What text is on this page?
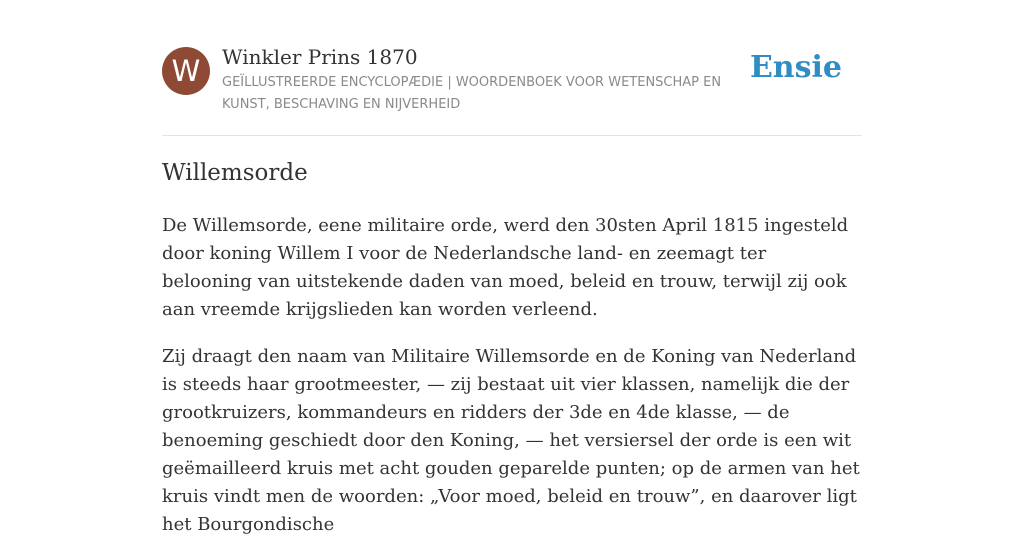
W	Winkler Prins 1870
GEÏLLUSTREERDE ENCYCLOPÆDIE | WOORDENBOEK VOOR WETENSCHAP EN KUNST, BESCHAVING EN NIJVERHEID
Ensie
Willemsorde

De Willemsorde, eene militaire orde, werd den 30sten April 1815 ingesteld door koning Willem I voor de Nederlandsche land- en zeemagt ter belooning van uitstekende daden van moed, beleid en trouw, terwijl zij ook aan vreemde krijgslieden kan worden verleend.

Zij draagt den naam van Militaire Willemsorde en de Koning van Nederland is steeds haar grootmeester, — zij bestaat uit vier klassen, namelijk die der grootkruizers, kommandeurs en ridders der 3de en 4de klasse, — de benoeming geschiedt door den Koning, — het versiersel der orde is een wit geëmailleerd kruis met acht gouden geparelde punten; op de armen van het kruis vindt men de woorden: „Voor moed, beleid en trouw”, en daarover ligt het Bourgondische
